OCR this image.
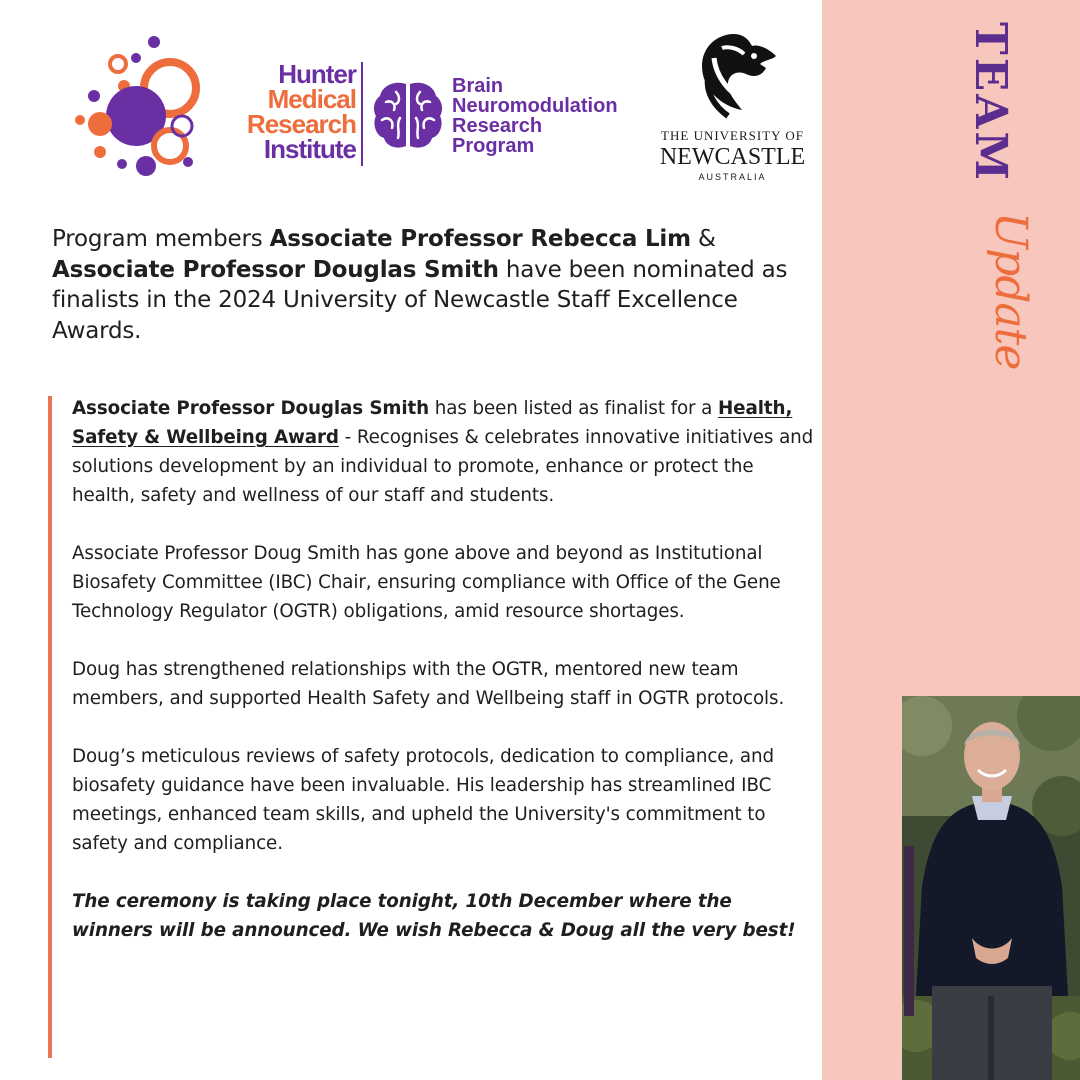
Hunter
Medical
Research
Institute
Brain
Neuromodulation
Research
Program	THE UNIVERSITY OF
NEWCASTLE
AUSTRALIA
Program members Associate Professor Rebecca Lim & Associate Professor Douglas Smith have been nominated as finalists in the 2024 University of Newcastle Staff Excellence Awards.

Associate Professor Douglas Smith has been listed as finalist for a Health, Safety & Wellbeing Award - Recognises & celebrates innovative initiatives and solutions development by an individual to promote, enhance or protect the health, safety and wellness of our staff and students.

Associate Professor Doug Smith has gone above and beyond as Institutional Biosafety Committee (IBC) Chair, ensuring compliance with Office of the Gene Technology Regulator (OGTR) obligations, amid resource shortages.

Doug has strengthened relationships with the OGTR, mentored new team members, and supported Health Safety and Wellbeing staff in OGTR protocols.

Doug’s meticulous reviews of safety protocols, dedication to compliance, and biosafety guidance have been invaluable. His leadership has streamlined IBC meetings, enhanced team skills, and upheld the University's commitment to safety and compliance.

The ceremony is taking place tonight, 10th December where the winners will be announced. We wish Rebecca & Doug all the very best!

TEAM
Update
